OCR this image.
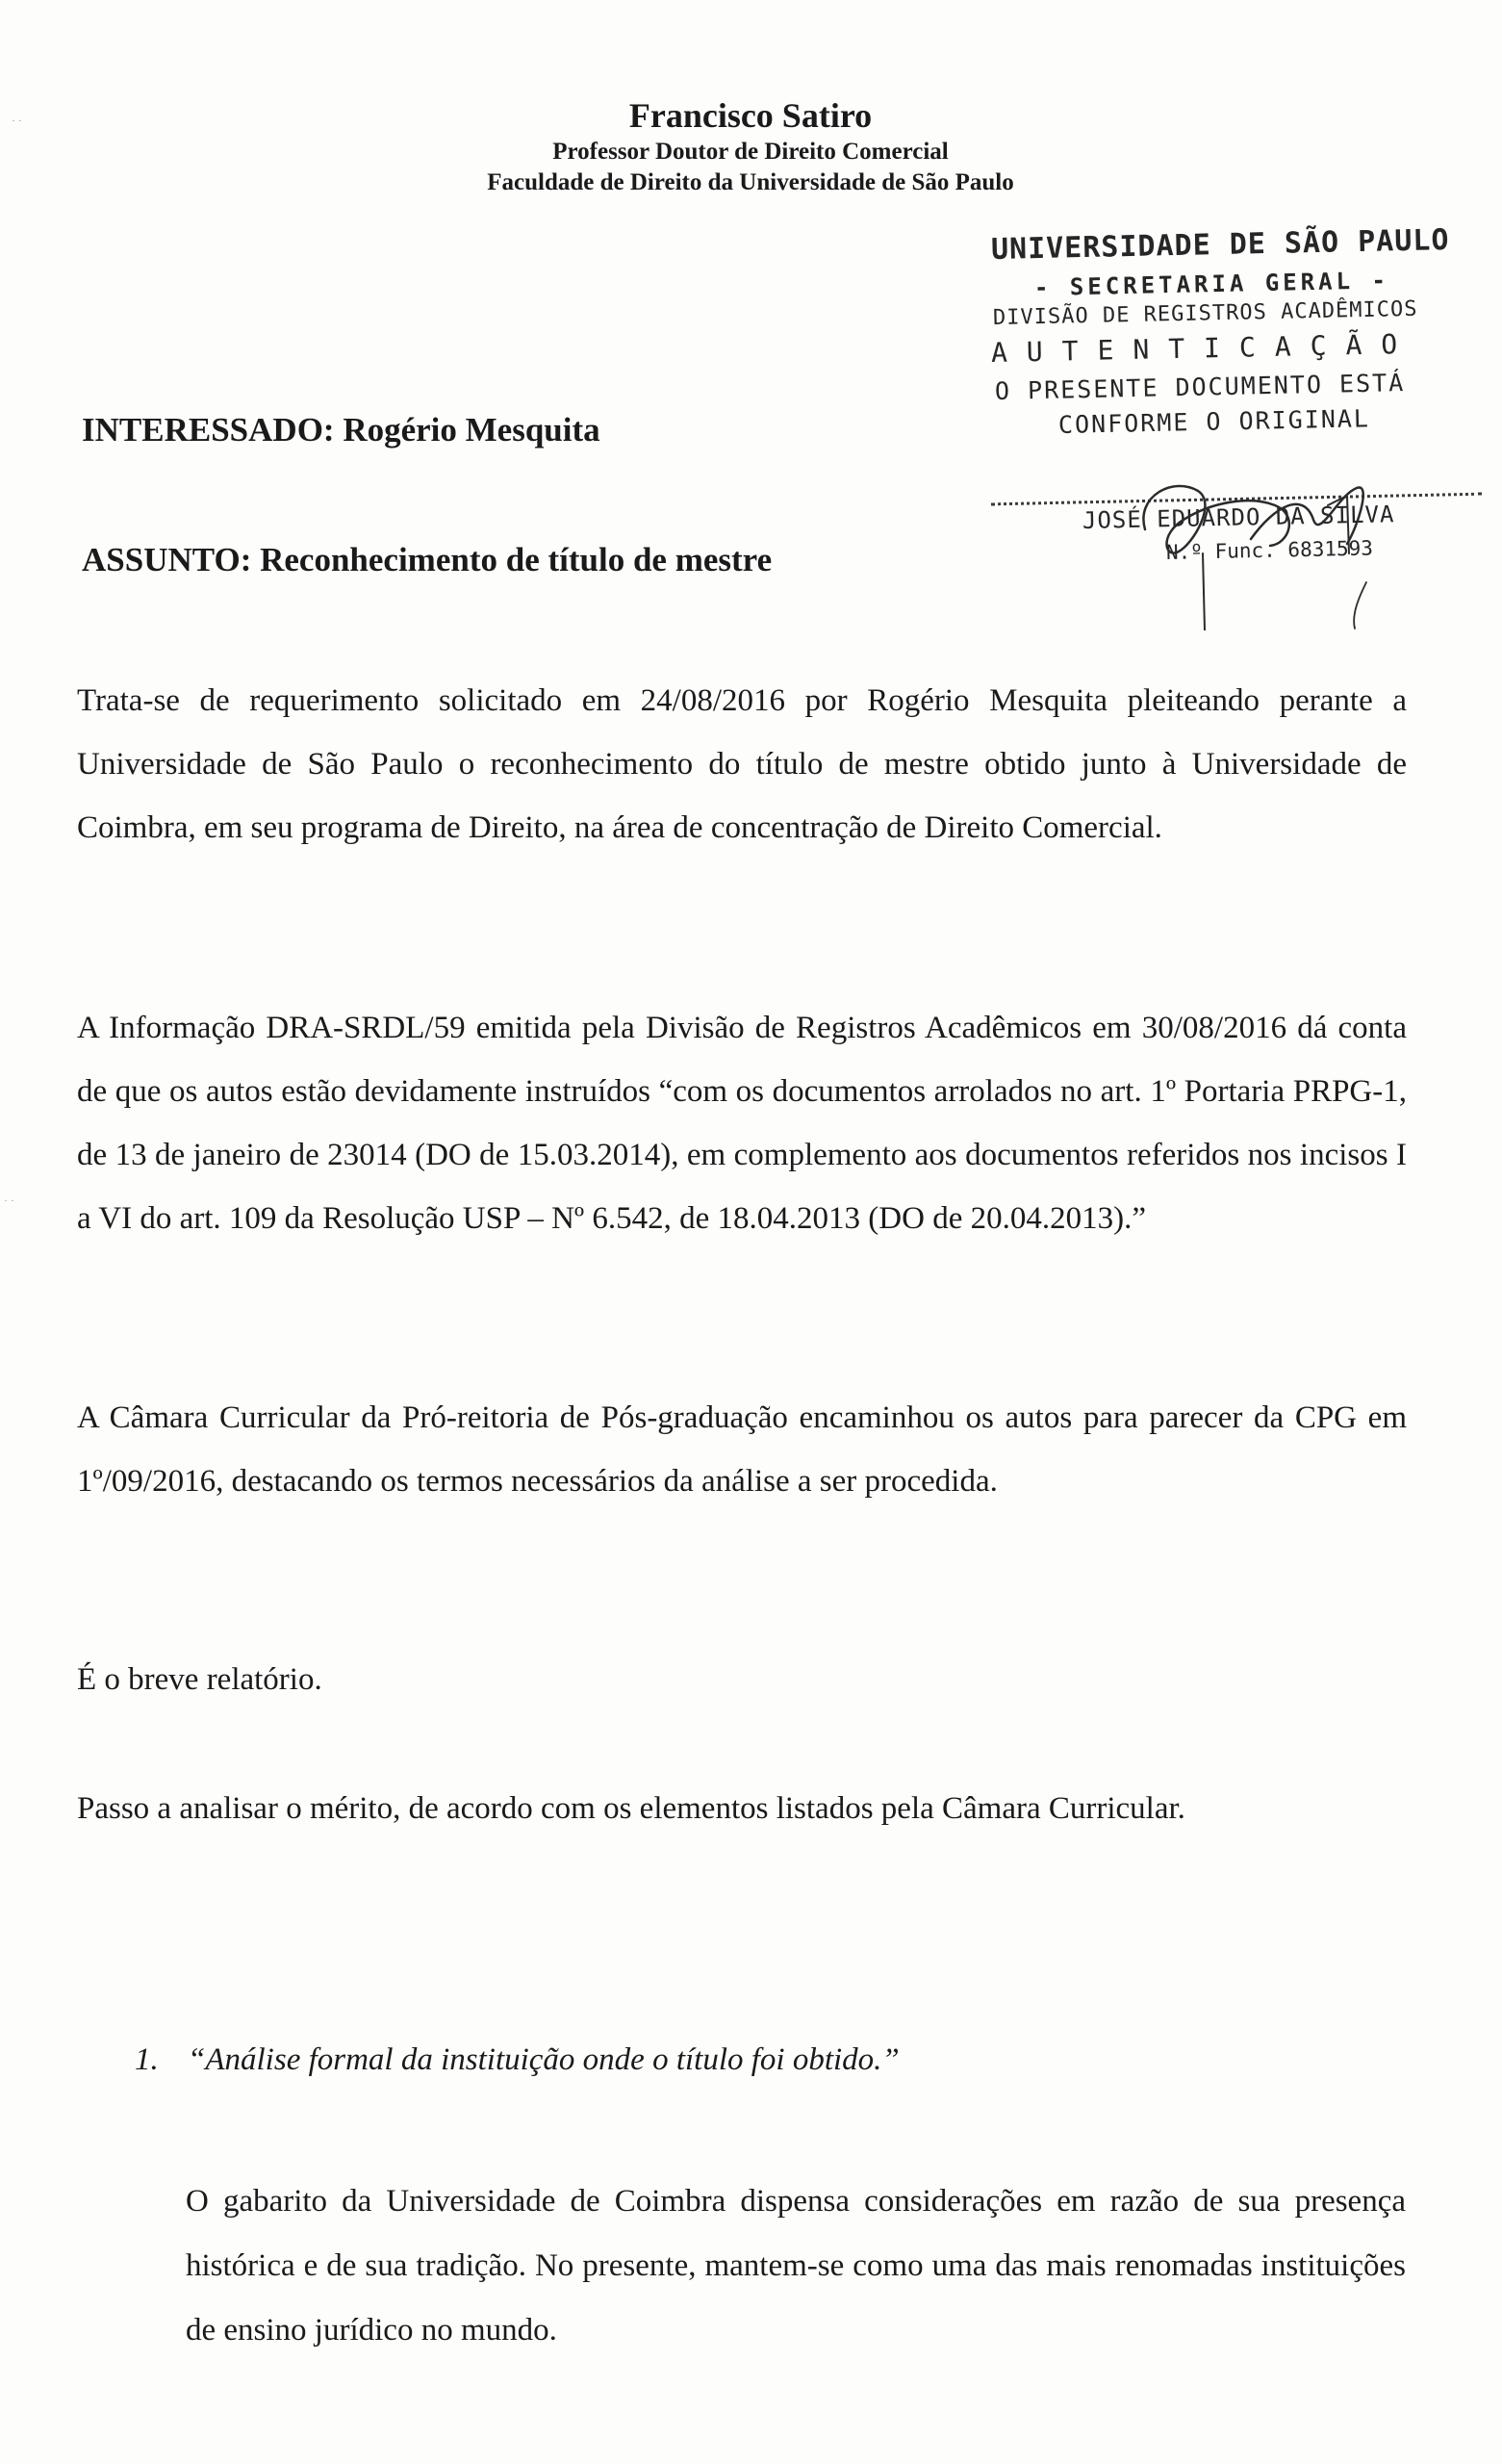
Francisco Satiro
Professor Doutor de Direito Comercial
Faculdade de Direito da Universidade de São Paulo
UNIVERSIDADE DE SÃO PAULO
- SECRETARIA GERAL -
DIVISÃO DE REGISTROS ACADÊMICOS
AUTENTICAÇÃO
O PRESENTE DOCUMENTO ESTÁ
CONFORME O ORIGINAL
JOSÉ EDUARDO DA SILVA
N.º Func. 6831593
INTERESSADO: Rogério Mesquita
ASSUNTO: Reconhecimento de título de mestre
Trata-se de requerimento solicitado em 24/08/2016 por Rogério Mesquita pleiteando perante a Universidade de São Paulo o reconhecimento do título de mestre obtido junto à Universidade de Coimbra, em seu programa de Direito, na área de concentração de Direito Comercial.
A Informação DRA-SRDL/59 emitida pela Divisão de Registros Acadêmicos em 30/08/2016 dá conta de que os autos estão devidamente instruídos “com os documentos arrolados no art. 1º Portaria PRPG-1, de 13 de janeiro de 23014 (DO de 15.03.2014), em complemento aos documentos referidos nos incisos I a VI do art. 109 da Resolução USP – Nº 6.542, de 18.04.2013 (DO de 20.04.2013).”
A Câmara Curricular da Pró-reitoria de Pós-graduação encaminhou os autos para parecer da CPG em 1º/09/2016, destacando os termos necessários da análise a ser procedida.
É o breve relatório.
Passo a analisar o mérito, de acordo com os elementos listados pela Câmara Curricular.
1. “Análise formal da instituição onde o título foi obtido.”
O gabarito da Universidade de Coimbra dispensa considerações em razão de sua presença histórica e de sua tradição. No presente, mantem-se como uma das mais renomadas instituições de ensino jurídico no mundo.
· ·
· ·
